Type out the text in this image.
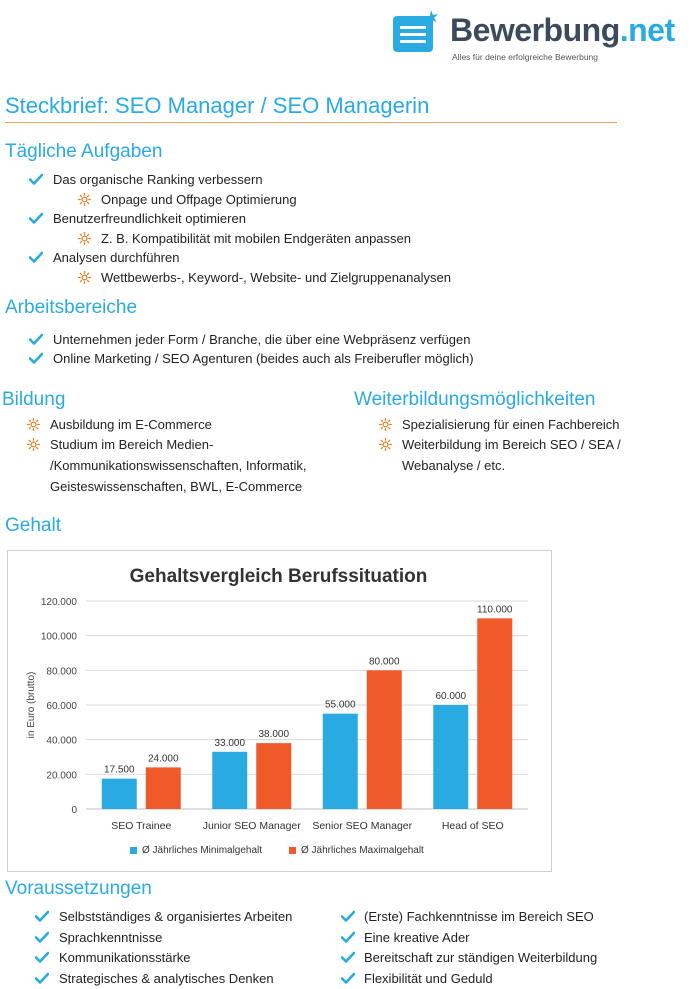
Bewerbung.net
Alles für deine erfolgreiche Bewerbung
Steckbrief: SEO Manager / SEO Managerin
Tägliche Aufgaben
Das organische Ranking verbessern
Onpage und Offpage Optimierung
Benutzerfreundlichkeit optimieren
Z. B. Kompatibilität mit mobilen Endgeräten anpassen
Analysen durchführen
Wettbewerbs-, Keyword-, Website- und Zielgruppenanalysen
Arbeitsbereiche
Unternehmen jeder Form / Branche, die über eine Webpräsenz verfügen
Online Marketing / SEO Agenturen (beides auch als Freiberufler möglich)
Bildung
Ausbildung im E-Commerce
Studium im Bereich Medien-
/Kommunikationswissenschaften, Informatik,
Geisteswissenschaften, BWL, E-Commerce
Weiterbildungsmöglichkeiten
Spezialisierung für einen Fachbereich
Weiterbildung im Bereich SEO / SEA /
Webanalyse / etc.
Gehalt
Gehaltsvergleich Berufssituation
0
20.000
40.000
60.000
80.000
100.000
120.000
in Euro (brutto)
17.500
24.000
SEO Trainee
33.000
38.000
Junior SEO Manager
55.000
80.000
Senior SEO Manager
60.000
110.000
Head of SEO
Ø Jährliches Minimalgehalt	Ø Jährliches Maximalgehalt
Voraussetzungen
Selbstständiges & organisiertes Arbeiten
Sprachkenntnisse
Kommunikationsstärke
Strategisches & analytisches Denken
(Erste) Fachkenntnisse im Bereich SEO
Eine kreative Ader
Bereitschaft zur ständigen Weiterbildung
Flexibilität und Geduld
